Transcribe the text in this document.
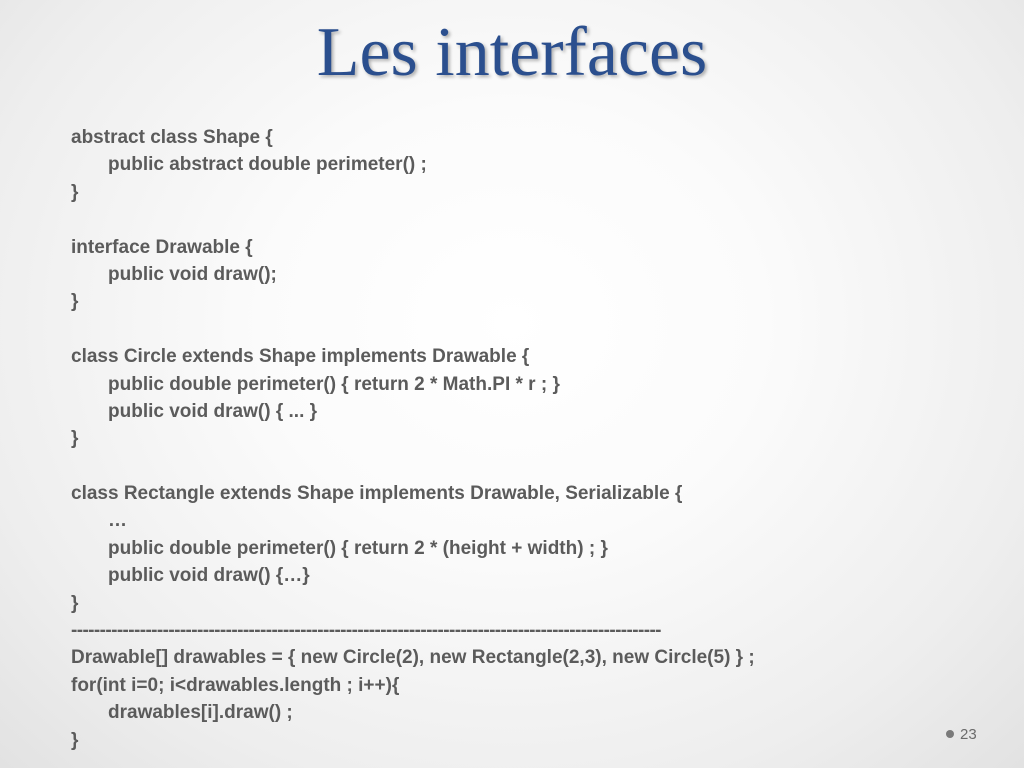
Les interfaces
abstract class Shape {
public abstract double perimeter() ;
}
interface Drawable {
public void draw();
}
class Circle extends Shape implements Drawable {
public double perimeter() { return 2 * Math.PI * r ; }
public void draw() { ... }
}
class Rectangle extends Shape implements Drawable, Serializable {
…
public double perimeter() { return 2 * (height + width) ; }
public void draw() {…}
}
-------------------------------------------------------------------------------------------------------
Drawable[] drawables = { new Circle(2), new Rectangle(2,3), new Circle(5) } ;
for(int i=0; i<drawables.length ; i++){
drawables[i].draw() ;
}	23
